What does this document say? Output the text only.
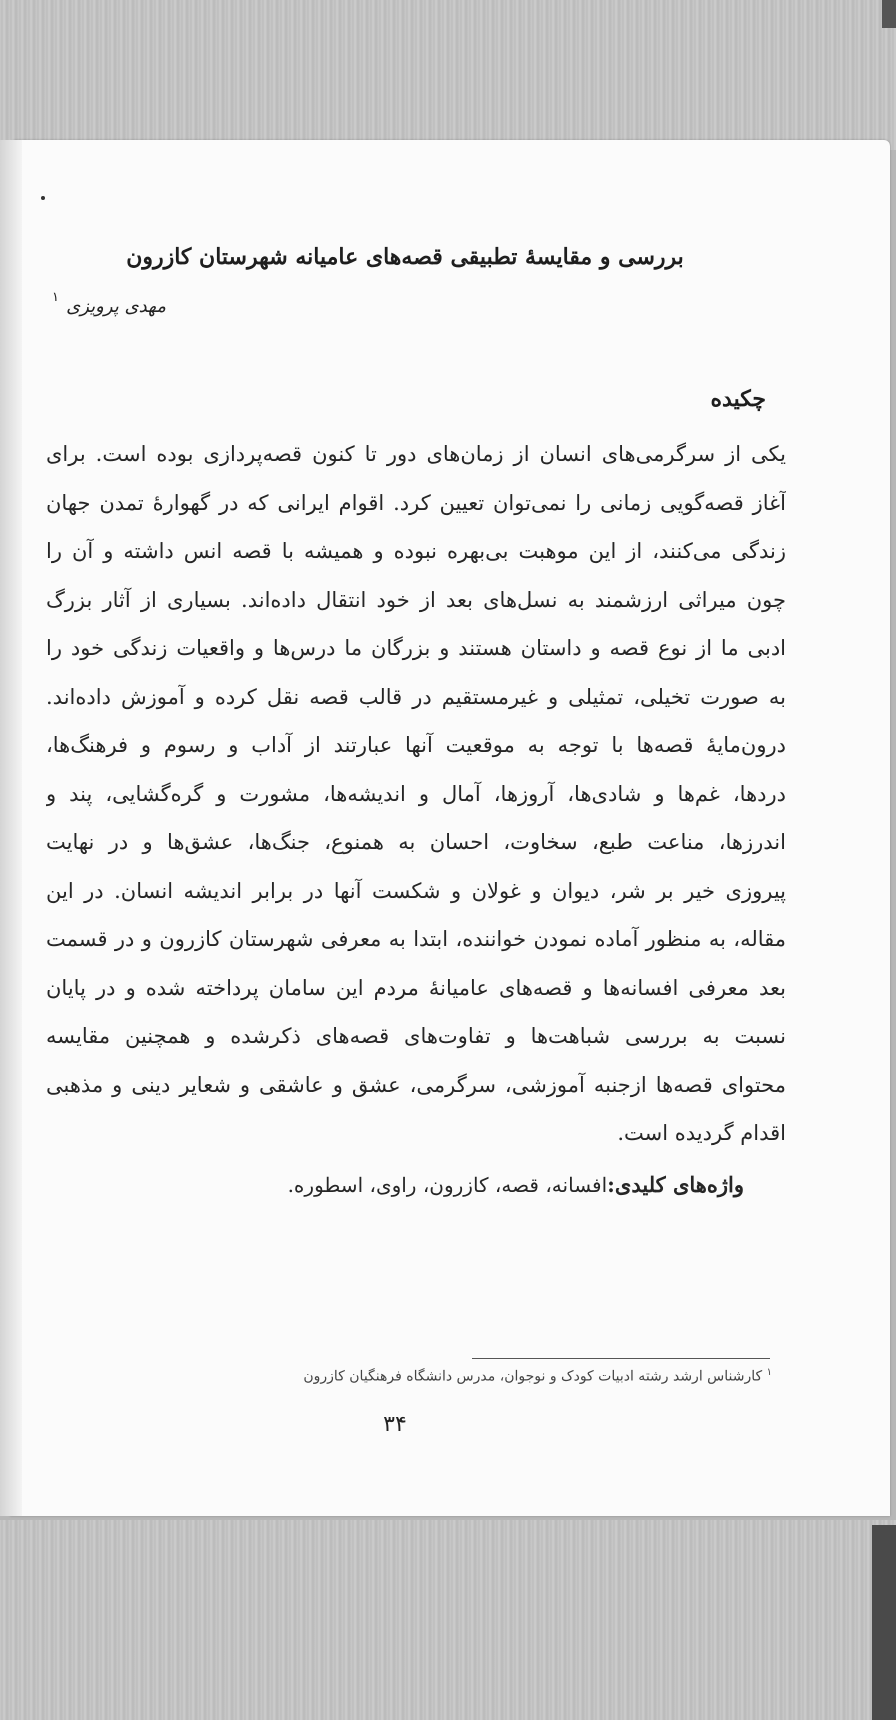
بررسی و مقایسهٔ تطبیقی قصه‌های عامیانه شهرستان کازرون
مهدی پرویزی
۱
چکیده
یکی از سرگرمی‌های انسان از زمان‌های دور تا کنون قصه‌پردازی بوده است. برای
آغاز قصه‌گویی زمانی را نمی‌توان تعیین کرد. اقوام ایرانی که در گهوارهٔ تمدن جهان
زندگی می‌کنند، از این موهبت بی‌بهره نبوده و همیشه با قصه انس داشته و آن را
چون میراثی ارزشمند به نسل‌های بعد از خود انتقال داده‌اند. بسیاری از آثار بزرگ
ادبی ما از نوع قصه و داستان هستند و بزرگان ما درس‌ها و واقعیات زندگی خود را
به صورت تخیلی، تمثیلی و غیرمستقیم در قالب قصه نقل کرده و آموزش داده‌اند.
درون‌مایهٔ قصه‌ها با توجه به موقعیت آنها عبارتند از آداب و رسوم و فرهنگ‌ها،
دردها، غم‌ها و شادی‌ها، آروزها، آمال و اندیشه‌ها، مشورت و گره‌گشایی، پند و
اندرزها، مناعت طبع، سخاوت، احسان به همنوع، جنگ‌ها، عشق‌ها و در نهایت
پیروزی خیر بر شر، دیوان و غولان و شکست آنها در برابر اندیشه انسان. در این
مقاله، به منظور آماده نمودن خواننده، ابتدا به معرفی شهرستان کازرون و در قسمت
بعد معرفی افسانه‌ها و قصه‌های عامیانهٔ مردم این سامان پرداخته شده و در پایان
نسبت به بررسی شباهت‌ها و تفاوت‌های قصه‌های ذکرشده و همچنین مقایسه
محتوای قصه‌ها ازجنبه آموزشی، سرگرمی، عشق و عاشقی و شعایر دینی و مذهبی
اقدام گردیده است.
واژه‌های کلیدی:افسانه، قصه، کازرون، راوی، اسطوره.
$^۱$ کارشناس ارشد رشته ادبیات کودک و نوجوان، مدرس دانشگاه فرهنگیان کازرون
۳۴
